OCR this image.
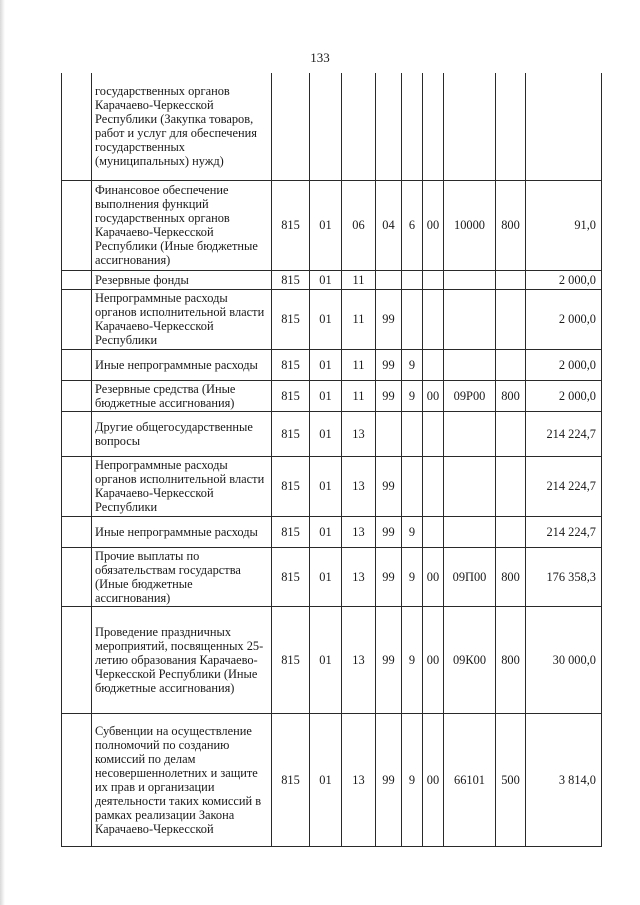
133
	государственных органов Карачаево-Черкесской Республики (Закупка товаров, работ и услуг для обеспечения государственных (муниципальных) нужд)									
	Финансовое обеспечение выполнения функций государственных органов Карачаево-Черкесской Республики (Иные бюджетные ассигнования)	815	01	06	04	6	00	10000	800	91,0
	Резервные фонды	815	01	11						2 000,0
	Непрограммные расходы органов исполнительной власти Карачаево-Черкесской Республики	815	01	11	99					2 000,0
	Иные непрограммные расходы	815	01	11	99	9				2 000,0
	Резервные средства (Иные бюджетные ассигнования)	815	01	11	99	9	00	09Р00	800	2 000,0
	Другие общегосударственные вопросы	815	01	13						214 224,7
	Непрограммные расходы органов исполнительной власти Карачаево-Черкесской Республики	815	01	13	99					214 224,7
	Иные непрограммные расходы	815	01	13	99	9				214 224,7
	Прочие выплаты по обязательствам государства (Иные бюджетные ассигнования)	815	01	13	99	9	00	09П00	800	176 358,3
	Проведение праздничных мероприятий, посвященных 25-летию образования Карачаево-Черкесской Республики (Иные бюджетные ассигнования)	815	01	13	99	9	00	09К00	800	30 000,0
	Субвенции на осуществление полномочий по созданию комиссий по делам несовершеннолетних и защите их прав и организации деятельности таких комиссий в рамках реализации Закона Карачаево-Черкесской	815	01	13	99	9	00	66101	500	3 814,0
